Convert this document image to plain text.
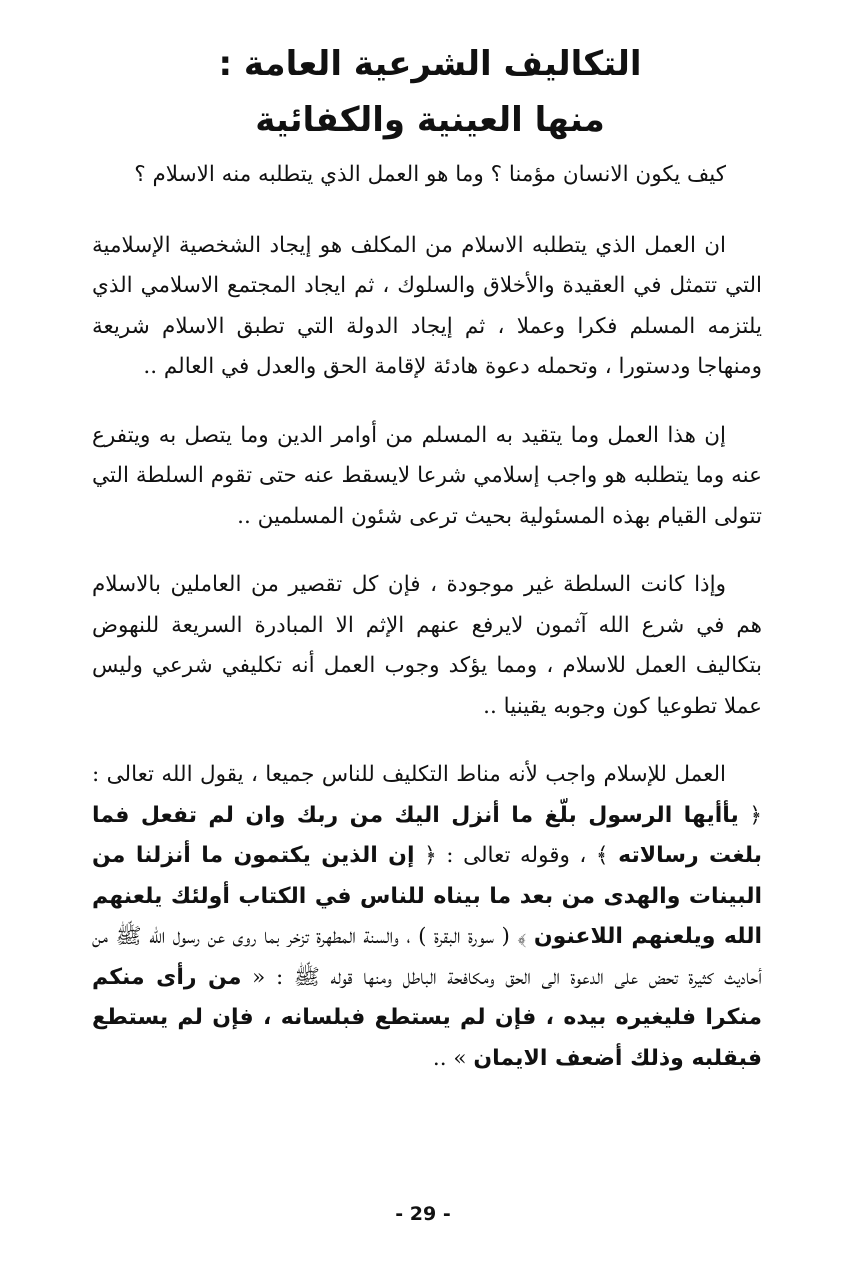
التكاليف الشرعية العامة :
منها العينية والكفائية

كيف يكون الانسان مؤمنا ؟ وما هو العمل الذي يتطلبه منه الاسلام ؟

ان العمل الذي يتطلبه الاسلام من المكلف هو إيجاد الشخصية الإسلامية التي تتمثل في العقيدة والأخلاق والسلوك ، ثم ايجاد المجتمع الاسلامي الذي يلتزمه المسلم فكرا وعملا ، ثم إيجاد الدولة التي تطبق الاسلام شريعة ومنهاجا ودستورا ، وتحمله دعوة هادئة لإقامة الحق والعدل في العالم ..

إن هذا العمل وما يتقيد به المسلم من أوامر الدين وما يتصل به ويتفرع عنه وما يتطلبه هو واجب إسلامي شرعا لايسقط عنه حتى تقوم السلطة التي تتولى القيام بهذه المسئولية بحيث ترعى شئون المسلمين ..

وإذا كانت السلطة غير موجودة ، فإن كل تقصير من العاملين بالاسلام هم في شرع الله آثمون لايرفع عنهم الإثم الا المبادرة السريعة للنهوض بتكاليف العمل للاسلام ، ومما يؤكد وجوب العمل أنه تكليفي شرعي وليس عملا تطوعيا كون وجوبه يقينيا ..

العمل للإسلام واجب لأنه مناط التكليف للناس جميعا ، يقول الله تعالى : ﴿ يأأيها الرسول بلّغ ما أنزل اليك من ربك وان لم تفعل فما بلغت رسالاته ﴾ ، وقوله تعالى : ﴿ إن الذين يكتمون ما أنزلنا من البينات والهدى من بعد ما بيناه للناس في الكتاب أولئك يلعنهم الله ويلعنهم اللاعنون ﴾ ( سورة البقرة ) ، والسنة المطهرة تزخر بما روى عن رسول الله ﷺ من أحاديث كثيرة تحض على الدعوة الى الحق ومكافحة الباطل ومنها قوله ﷺ : « من رأى منكم منكرا فليغيره بيده ، فإن لم يستطع فبلسانه ، فإن لم يستطع فبقلبه وذلك أضعف الايمان » ..

- 29 -
